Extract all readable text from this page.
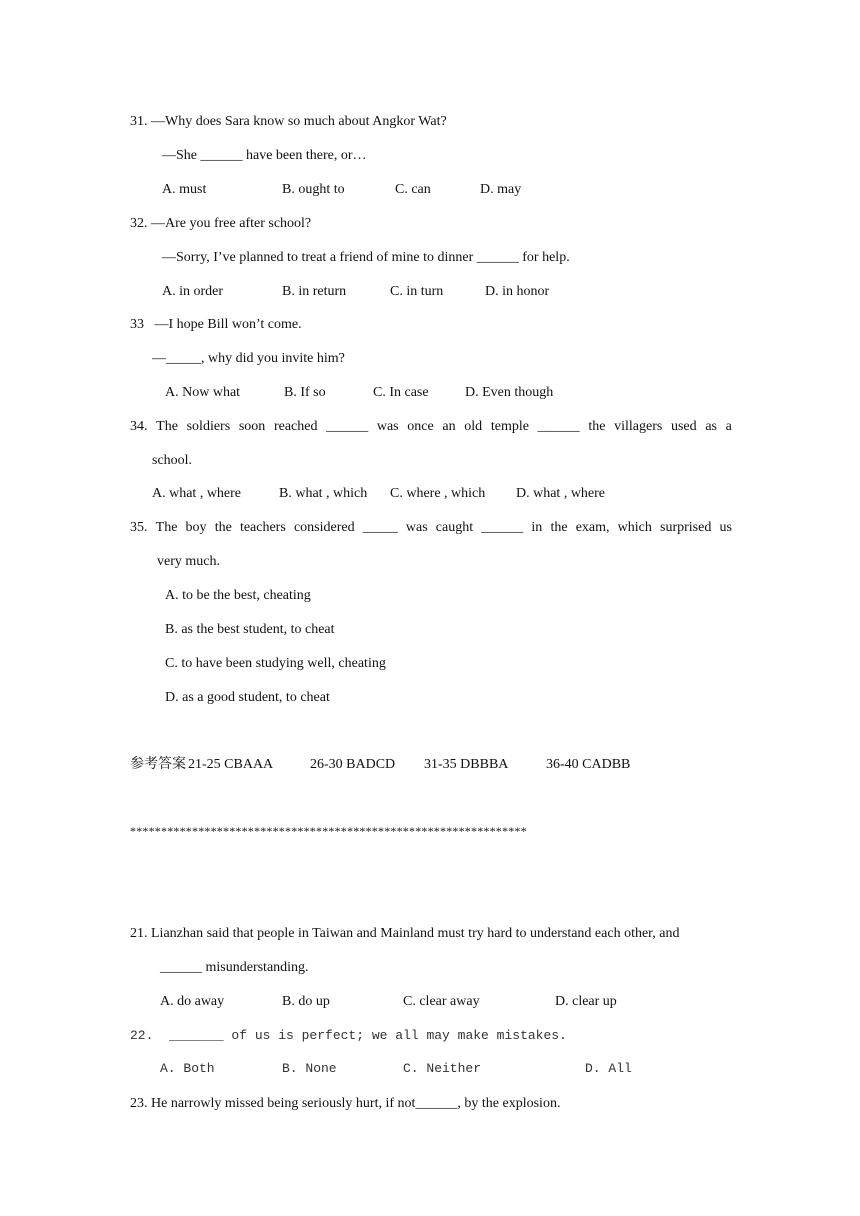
31. —Why does Sara know so much about Angkor Wat?
—She ______ have been there, or…
A. must	B. ought to	C. can	D. may
32. —Are you free after school?
—Sorry, I’ve planned to treat a friend of mine to dinner ______ for help.
A. in order	B. in return	C. in turn	D. in honor
33   —I hope Bill won’t come.
—_____, why did you invite him?
A. Now what	B. If so	C. In case	D. Even though
34. The soldiers soon reached ______ was once an old temple ______ the villagers used as a
school.
A. what , where	B. what , which C. where , which D. what , where
35. The boy the teachers considered _____ was caught ______ in the exam, which surprised us
very much.
A. to be the best, cheating
B. as the best student, to cheat
C. to have been studying well, cheating
D. as a good student, to cheat
参考答案 21-25 CBAAA	26-30 BADCD 31-35 DBBBA	36-40 CADBB
****************************************************************
21. Lianzhan said that people in Taiwan and Mainland must try hard to understand each other, and
______ misunderstanding.
A. do away	B. do up	C. clear away	D. clear up
22.  _______ of us is perfect; we all may make mistakes.
A. Both	B. None	C. Neither	D. All
23. He narrowly missed being seriously hurt, if not______, by the explosion.
